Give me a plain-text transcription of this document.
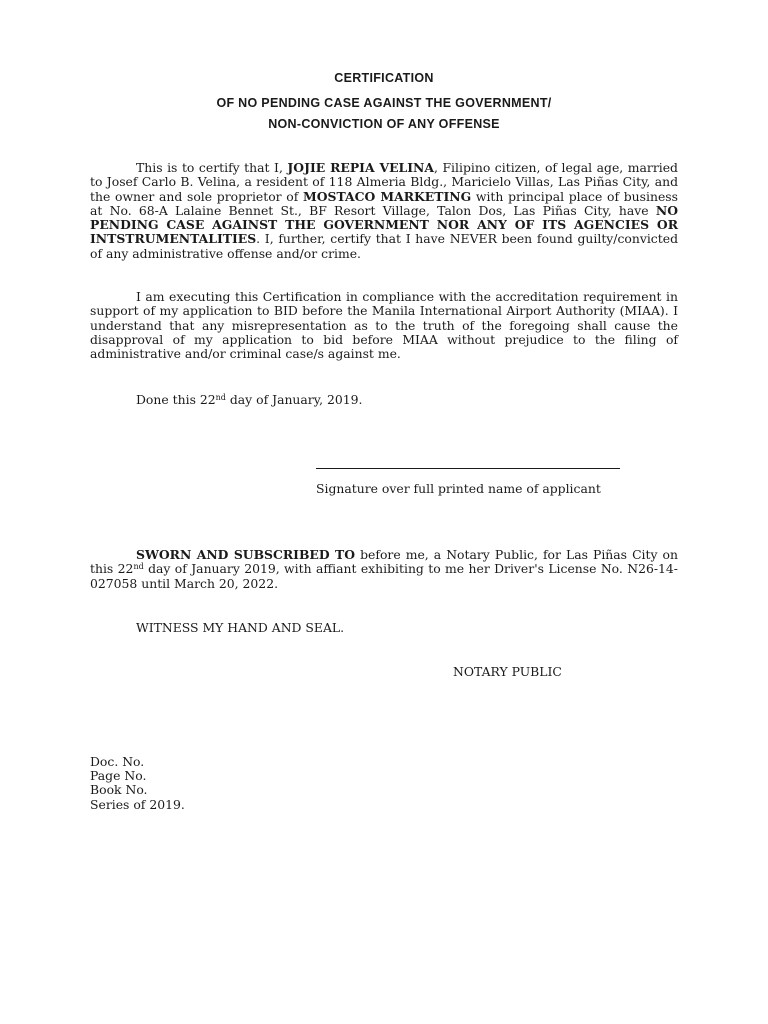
CERTIFICATION
OF NO PENDING CASE AGAINST THE GOVERNMENT/
NON-CONVICTION OF ANY OFFENSE
This is to certify that I, JOJIE REPIA VELINA, Filipino citizen, of legal age, married to Josef Carlo B. Velina, a resident of 118 Almeria Bldg., Maricielo Villas, Las Piñas City, and the owner and sole proprietor of MOSTACO MARKETING with principal place of business at No. 68-A Lalaine Bennet St., BF Resort Village, Talon Dos, Las Piñas City, have NO PENDING CASE AGAINST THE GOVERNMENT NOR ANY OF ITS AGENCIES OR INTSTRUMENTALITIES. I, further, certify that I have NEVER been found guilty/convicted of any administrative offense and/or crime.
I am executing this Certification in compliance with the accreditation requirement in support of my application to BID before the Manila International Airport Authority (MIAA). I understand that any misrepresentation as to the truth of the foregoing shall cause the disapproval of my application to bid before MIAA without prejudice to the filing of administrative and/or criminal case/s against me.
Done this 22nd day of January, 2019.
Signature over full printed name of applicant
SWORN AND SUBSCRIBED TO before me, a Notary Public, for Las Piñas City on this 22nd day of January 2019, with affiant exhibiting to me her Driver's License No. N26-14-027058 until March 20, 2022.
WITNESS MY HAND AND SEAL.
NOTARY PUBLIC
Doc. No.
Page No.
Book No.
Series of 2019.
